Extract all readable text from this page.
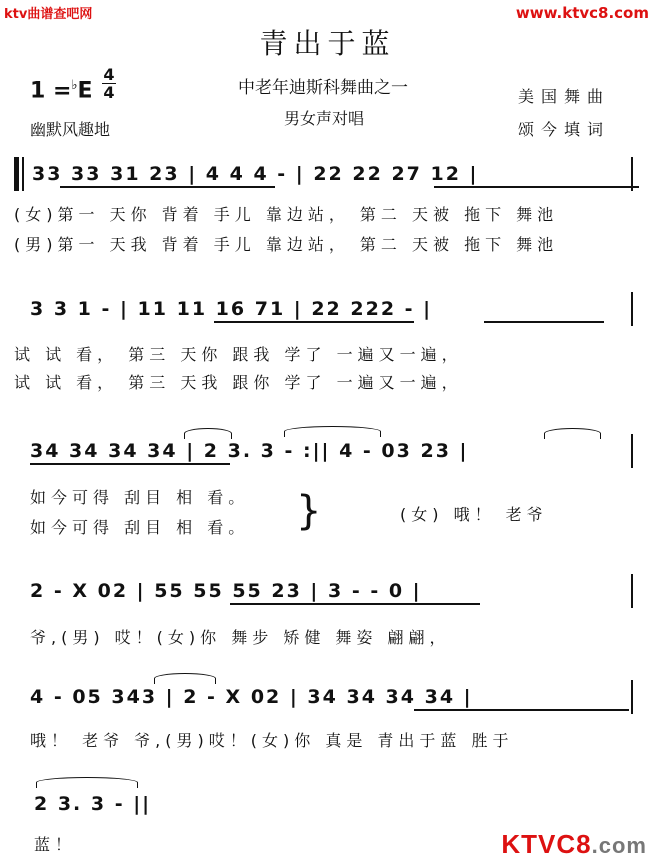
ktv曲谱查吧网	www.ktvc8.com
青出于蓝
1 =♭E
4
4	中老年迪斯科舞曲之一
男女声对唱
幽默风趣地
美国舞曲
颂今填词
33 33 31 23 | 4 4 4 - | 22 22 27 12 |
(女)第一 天你 背着 手儿 靠边站， 第二 天被 拖下 舞池
(男)第一 天我 背着 手儿 靠边站， 第二 天被 拖下 舞池
3 3 1 - | 11 11 16 71 | 22 222 - |
试 试 看， 第三 天你 跟我 学了 一遍又一遍，
试 试 看， 第三 天我 跟你 学了 一遍又一遍，
34 34 34 34 | 2 3. 3 - :|| 4 - 03 23 |
如今可得 刮目 相 看。
如今可得 刮目 相 看。 }	(女) 哦！ 老爷
2 - X 02 | 55 55 55 23 | 3 - - 0 |
爷,(男) 哎！(女)你 舞步 矫健 舞姿 翩翩，
4 - 05 343 | 2 - X 02 | 34 34 34 34 |
哦！ 老爷 爷,(男)哎！(女)你 真是 青出于蓝 胜于
2 3. 3 - ||
蓝！	KTVC8.com
